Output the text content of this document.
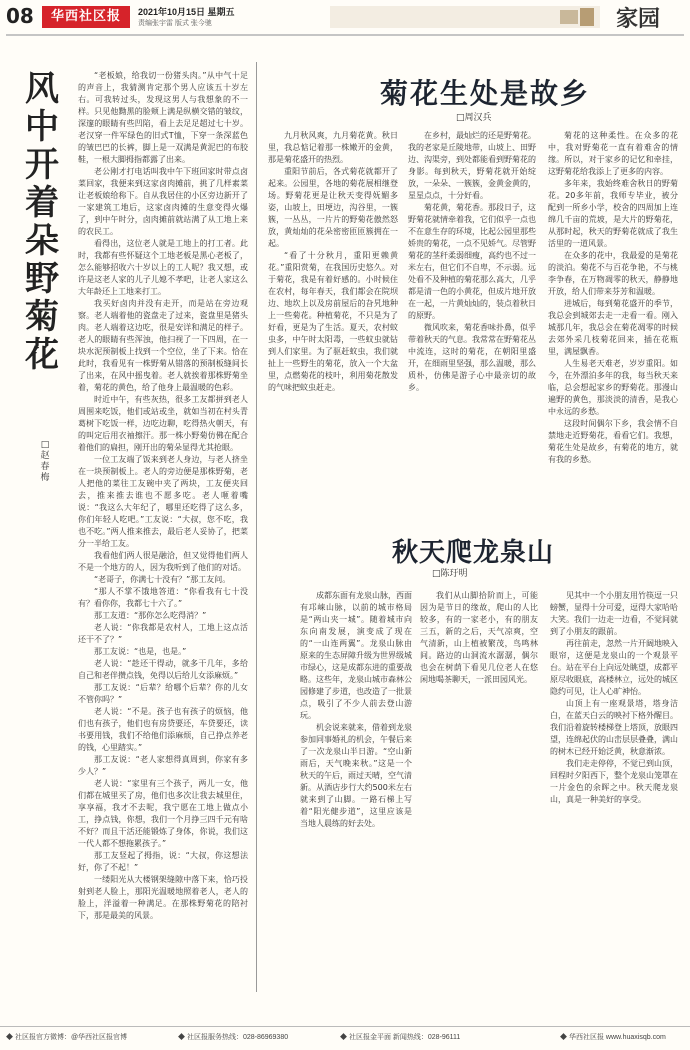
08	华西社区报	2021年10月15日 星期五
责编张宇雷 版式 张今驰	家园
风中开着朵野菊花
□赵春梅

“老板娘，给我切一份猪头肉。”从中气十足的声音上，我猜测肯定那个男人应该五十岁左右。可我转过头，发现这男人与我想象的不一样。只见他黝黑的脸颊上满是纵横交错的皱纹，深邃的眼睛有些凹陷，看上去足足超过七十岁。老汉穿一件军绿色的旧式T恤，下穿一条深蓝色的皱巴巴的长裤，脚上是一双满是黄泥巴的布胶鞋，一根大脚拇指都露了出来。

老公刚才打电话叫我中午下班回家时带点卤菜回家，我便来到这家卤肉摊前，挑了几样素菜让老板娘给称下。自从我居住的小区旁边新开了一家建筑工地后，这家卤肉摊的生意变得火爆了，到中午时分，卤肉摊前就站满了从工地上来的农民工。

看得出，这位老人就是工地上的打工者。此时，我都有些怀疑这个工地老板是黑心老板了，怎么能够招收六十岁以上的工人呢？我又想，或许是这老人家的儿子儿媳不孝吧，让老人家这么大年龄还上工地来打工。

我买好卤肉并没有走开，而是站在旁边观察。老人端着他的瓷盘走了过来，瓷盘里是猪头肉。老人端着这边吃，很是安详和满足的样子。老人的眼睛有些浑浊，他扫视了一下四周，在一块水泥预制板上找到一个空位，坐了下来。恰在此时，我看见有一株野菊从错落的预制板缝间长了出来，在风中摇曳着。老人就挨着那株野菊坐着，菊花的黄色，给了他身上最温暖的色彩。

时近中午，有些灰热，很多工友都拼到老人周围来吃饭，他们或站或坐，就如当初在村头青葛树下吃饭一样，边吃边聊，吃得热火朝天，有的叫定后用衣袖擦汗。那一株小野菊仿佛在配合着他们的扁担，刚开出的菊朵显得尤其抢眼。

一位工友端了饭来到老人身边，与老人挤坐在一块预制板上。老人的旁边便是那株野菊，老人把他的菜往工友碗中夹了两块，工友便夹回去，推来推去谁也不愿多吃。老人咂着嘴说：“我这么大年纪了，哪里还吃得了这么多，你们年轻人吃吧。”工友说：“大叔，您不吃，我也不吃。”两人推来推去，最后老人妥协了，把菜分一半给工友。

我看他们两人很是融洽，但又觉得他们两人不是一个地方的人，因为我听到了他们的对话。

“老哥子，你满七十没有？”那工友问。

“那人不掌不饿地答道：“你看我有七十没有？看你你，我都七十六了。”

那工友道：“那你怎么吃得消？”

老人说：“你我都是农村人，工地上这点活还干不了？”

那工友说：“也是，也是。”

老人说：“趁还干得动，就多干几年，多给自己和老伴攒点钱，免得以后给儿女添麻烦。”

那工友说：“后辈？给哪个后辈？你的儿女不管你吗？”

老人说：“不是。孩子也有孩子的烦恼，他们也有孩子，他们也有房贷要还，车贷要还，读书要用钱，我们不给他们添麻烦，自己挣点养老的钱，心里踏实。”

那工友说：“老人家想得真周到，你家有多少人？”

老人说：“家里有三个孩子，两儿一女，他们都在城里买了房，他们也多次让我去城里住，享享福，我才不去呢，我宁愿在工地上做点小工，挣点钱，你想，我们一个月挣三四千元有啥不好？而且干活还能锻炼了身体，你说，我们这一代人都不想拖累孩子。”

那工友竖起了拇指，说：“大叔，你这想法好，你了不起！”

一缕阳光从大楼钢架缝隙中落下来，恰巧投射到老人脸上，那阳光温暖地照着老人，老人的脸上，洋溢着一种满足。在那株野菊花的陪衬下，那是最美的风景。

菊花生处是故乡
□周汉兵

九月秋风爽，九月菊花黄。秋日里，我总惦记着那一株嫩开的金黄，那是菊花盛开的热烈。

重阳节前后，各式菊花就都开了起来。公园里，各地的菊花展相继登场。野菊花更是让秋天变得妩媚多姿，山坡上，田埂边，沟谷里，一簇簇，一丛丛，一片片的野菊花傲然怒放，黄灿灿的花朵密密匝匝簇拥在一起。

“看了十分秋月，重阳更赖黄花。”重阳赏菊，在我国历史悠久。对于菊花，我是有着好感的。小时候住在农村，每年春天，我们都会在院坝边、地坎上以及房前屋后的旮旯地种上一些菊花。种植菊花，不只是为了好看，更是为了生活。夏天，农村蚊虫多，中午时太阳毒，一些蚊虫就钻到人们家里。为了驱赶蚊虫，我们就扯上一些野生的菊花，放入一个大盆里，点燃菊花的枝叶，利用菊花散发的气味把蚊虫赶走。

在乡村，最灿烂的还是野菊花。我的老家是丘陵地带，山坡上、田野边、沟渠旁，到处都能看到野菊花的身影。每到秋天，野菊花就开始绽放，一朵朵、一簇簇，金黄金黄的，星星点点，十分好看。

菊花黄，菊花香。那段日子，这野菊花就情牵着我，它们似乎一点也不在意生存的环境，比起公园里那些娇贵的菊花，一点不见娇气。尽管野菊花的茎秆柔弱细瘦，高约也不过一米左右，但它们不自卑，不示弱。远处看不及种植的菊花那么高大，几乎都是清一色的小黄花，但成片地开放在一起，一片黄灿灿的，装点着秋日的原野。

微风吹来，菊花香味扑鼻，似乎带着秋天的气息。我常常在野菊花丛中流连，这时的菊花，在朝阳里盛开，在细雨里坚强，那么温暖，那么质朴，仿佛是游子心中最亲切的故乡。

菊花的这种柔性。在众多的花中，我对野菊花一直有着难舍的情缘。所以，对于家乡的记忆和牵挂，这野菊花给我添上了更多的内容。

多年来，我始终难舍秋日的野菊花。20多年前，我师专毕业，被分配到一所乡小学，校舍的四周加上连绵几千亩的荒坡，是大片的野菊花，从那时起，秋天的野菊花就成了我生活里的一道风景。

在众多的花中，我最爱的是菊花的淡泊。菊花不与百花争艳，不与桃李争春，在万物凋零的秋天，静静地开放，给人们带来芬芳和温暖。

进城后，每到菊花盛开的季节，我总会到城郊去走一走看一看。刚入城那几年，我总会在菊花凋零的时候去郊外采几枝菊花回来，插在花瓶里，满屋飘香。

人生易老天难老，岁岁重阳。如今，在外漂泊多年的我，每当秋天来临，总会想起家乡的野菊花。那漫山遍野的黄色，那淡淡的清香，是我心中永远的乡愁。

这段时间偶尔下乡，我会情不自禁地走近野菊花，看看它们。我想，菊花生处是故乡，有菊花的地方，就有我的乡愁。

秋天爬龙泉山
□陈玗明

成都东面有龙泉山脉，西面有邛崃山脉，以前的城市格局是“两山夹一城”。随着城市向东向南发展，演变成了现在的“一山连两翼”。龙泉山脉由原来的生态屏障升级为世界级城市绿心，这是成都东进的重要战略。这些年，龙泉山城市森林公园修建了步道，也改造了一批景点，吸引了不少人前去登山游玩。

机会说来就来，借着到龙泉参加同事婚礼的机会，午餐后来了一次龙泉山半日游。“空山新雨后，天气晚来秋。”这是一个秋天的午后，雨过天晴，空气清新。从酒店步行大约500米左右就来到了山脚。一路石梯上写着“阳光健步道”，这里应该是当地人晨练的好去处。

我们从山脚拾阶而上，可能因为是节日的缘故，爬山的人比较多，有的一家老小，有的朋友三五，新的之后，天气凉爽，空气清新，山上植被繁茂，鸟鸣林间。路边的山洞流水潺潺，偶尔也会在树荫下看见几位老人在悠闲地喝茶聊天，一派田园风光。

见其中一个小朋友用竹筷逗一只螃蟹，显得十分可爱，逗得大家哈哈大笑。我们一边走一边看，不觉间就到了小朋友的跟前。

再往前走，忽然一片开阔地映入眼帘，这便是龙泉山的一个观景平台。站在平台上向远处眺望，成都平原尽收眼底，高楼林立，远处的城区隐约可见，让人心旷神怡。

山顶上有一座观景塔，塔身洁白，在蓝天白云的映衬下格外醒目。我们沿着旋转楼梯登上塔顶，放眼四望，连绵起伏的山峦层层叠叠，满山的树木已经开始泛黄，秋意渐浓。

我们走走停停，不觉已到山顶，回程时夕阳西下，整个龙泉山笼罩在一片金色的余晖之中。秋天爬龙泉山，真是一种美好的享受。

◆ 社区报官方微博：@华西社区报官博	◆ 社区报服务热线：028-86969380	◆ 社区报金平面 新闻热线：028-96111	◆ 华西社区报 www.huaxisqb.com
